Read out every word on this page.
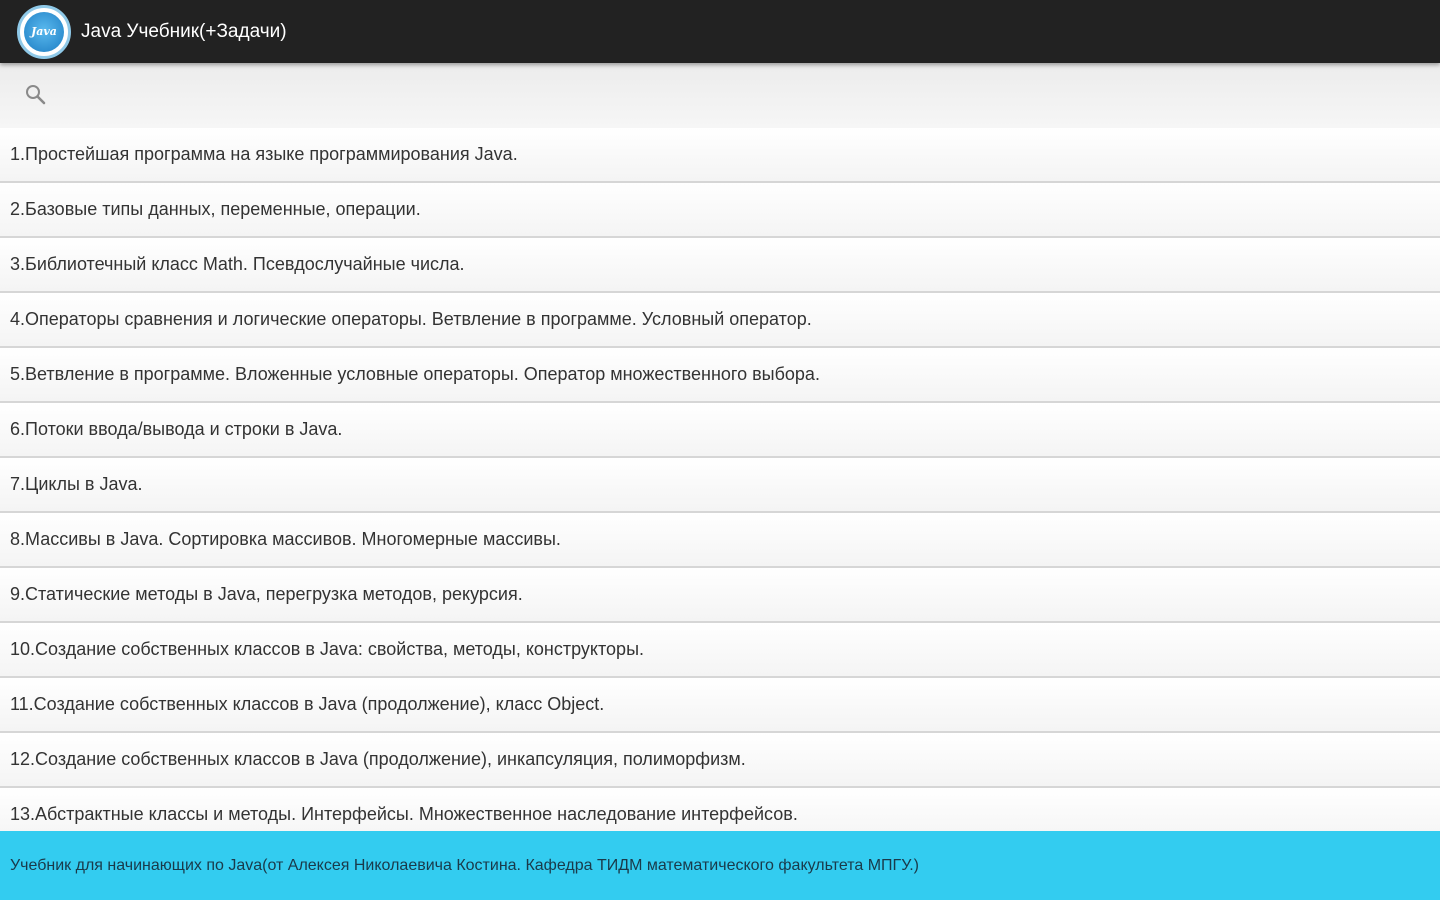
Java	Java Учебник(+Задачи)
1.Простейшая программа на языке программирования Java.
2.Базовые типы данных, переменные, операции.
3.Библиотечный класс Math. Псевдослучайные числа.
4.Операторы сравнения и логические операторы. Ветвление в программе. Условный оператор.
5.Ветвление в программе. Вложенные условные операторы. Оператор множественного выбора.
6.Потоки ввода/вывода и строки в Java.
7.Циклы в Java.
8.Массивы в Java. Сортировка массивов. Многомерные массивы.
9.Статические методы в Java, перегрузка методов, рекурсия.
10.Создание собственных классов в Java: свойства, методы, конструкторы.
11.Создание собственных классов в Java (продолжение), класс Object.
12.Создание собственных классов в Java (продолжение), инкапсуляция, полиморфизм.
13.Абстрактные классы и методы. Интерфейсы. Множественное наследование интерфейсов.
Учебник для начинающих по Java(от Алексея Николаевича Костина. Кафедра ТИДМ математического факультета МПГУ.)
